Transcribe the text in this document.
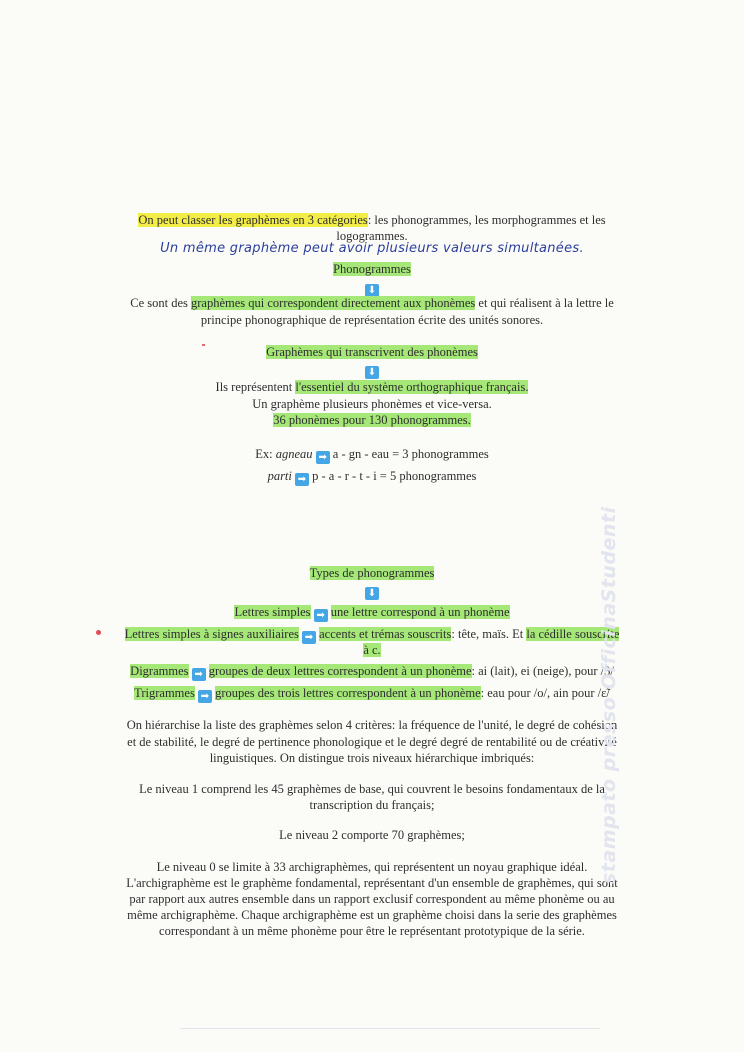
On peut classer les graphèmes en 3 catégories: les phonogrammes, les morphogrammes et les
logogrammes.
Un même graphème peut avoir plusieurs valeurs simultanées.
Phonogrammes
⬇
Ce sont des graphèmes qui correspondent directement aux phonèmes et qui réalisent à la lettre le
principe phonographique de représentation écrite des unités sonores.
Graphèmes qui transcrivent des phonèmes
⬇
Ils représentent l'essentiel du système orthographique français.
Un graphème plusieurs phonèmes et vice-versa.
36 phonèmes pour 130 phonogrammes.
Ex: agneau ➡ a - gn - eau = 3 phonogrammes
parti ➡ p - a - r - t - i = 5 phonogrammes
Types de phonogrammes
⬇
Lettres simples ➡ une lettre correspond à un phonème
Lettres simples à signes auxiliaires ➡ accents et trémas souscrits: tête, maïs. Et la cédille souscrite
à c.
Digrammes ➡ groupes de deux lettres correspondent à un phonème: ai (lait), ei (neige), pour /3/
Trigrammes ➡ groupes des trois lettres correspondent à un phonème: eau pour /o/, ain pour /ɛ̃/
On hiérarchise la liste des graphèmes selon 4 critères: la fréquence de l'unité, le degré de cohésion
et de stabilité, le degré de pertinence phonologique et le degré degré de rentabilité ou de créativité
linguistiques. On distingue trois niveaux hiérarchique imbriqués:
Le niveau 1 comprend les 45 graphèmes de base, qui couvrent le besoins fondamentaux de la
transcription du français;
Le niveau 2 comporte 70 graphèmes;
Le niveau 0 se limite à 33 archigraphèmes, qui représentent un noyau graphique idéal.
L'archigraphème est le graphème fondamental, représentant d'un ensemble de graphèmes, qui sont
par rapport aux autres ensemble dans un rapport exclusif correspondent au même phonème ou au
même archigraphème. Chaque archigraphème est un graphème choisi dans la serie des graphèmes
correspondant à un même phonème pour être le représentant prototypique de la série.
stampato presso OfficinaStudenti
